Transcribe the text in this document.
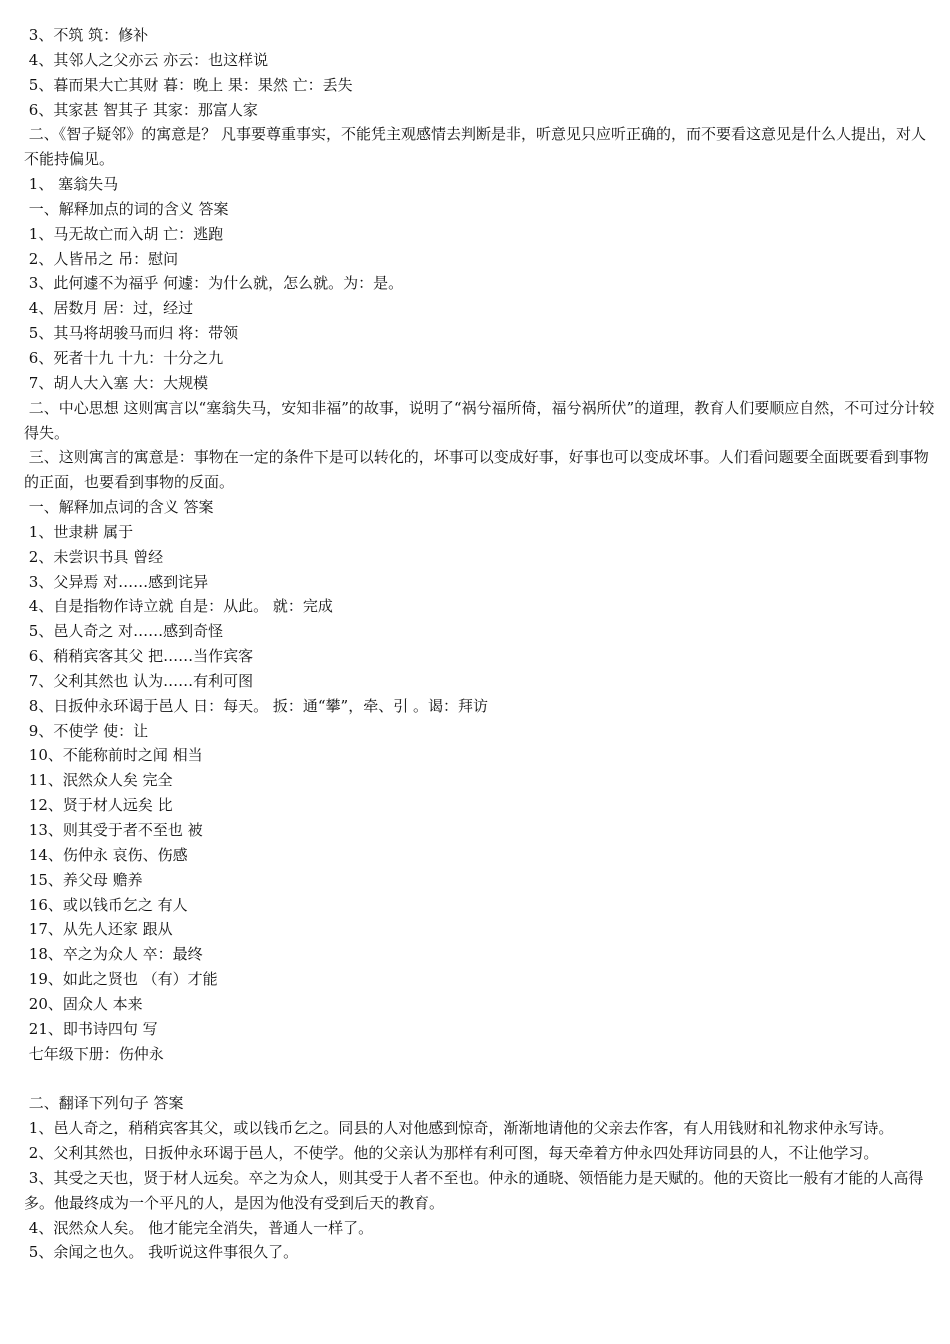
3、不筑 筑：修补
4、其邻人之父亦云 亦云：也这样说
5、暮而果大亡其财 暮：晚上 果：果然 亡：丢失
6、其家甚 智其子 其家：那富人家
二、《智子疑邻》的寓意是？ 凡事要尊重事实，不能凭主观感情去判断是非，听意见只应听正确的，而不要看这意见是什么人提出，对人不能持偏见。
1、 塞翁失马
一、解释加点的词的含义 答案
1、马无故亡而入胡 亡：逃跑
2、人皆吊之 吊：慰问
3、此何遽不为福乎 何遽：为什么就，怎么就。为：是。
4、居数月 居：过，经过
5、其马将胡骏马而归 将：带领
6、死者十九 十九：十分之九
7、胡人大入塞 大：大规模
二、中心思想 这则寓言以“塞翁失马，安知非福”的故事，说明了“祸兮福所倚，福兮祸所伏”的道理，教育人们要顺应自然，不可过分计较得失。
三、这则寓言的寓意是：事物在一定的条件下是可以转化的，坏事可以变成好事，好事也可以变成坏事。人们看问题要全面既要看到事物的正面，也要看到事物的反面。
一、解释加点词的含义 答案
1、世隶耕 属于
2、未尝识书具 曾经
3、父异焉 对……感到诧异
4、自是指物作诗立就 自是：从此。 就：完成
5、邑人奇之 对……感到奇怪
6、稍稍宾客其父 把……当作宾客
7、父利其然也 认为……有利可图
8、日扳仲永环谒于邑人 日：每天。 扳：通“攀”，牵、引 。谒：拜访
9、不使学 使：让
10、不能称前时之闻 相当
11、泯然众人矣 完全
12、贤于材人远矣 比
13、则其受于者不至也 被
14、伤仲永 哀伤、伤感
15、养父母 赡养
16、或以钱币乞之 有人
17、从先人还家 跟从
18、卒之为众人 卒：最终
19、如此之贤也 （有）才能
20、固众人 本来
21、即书诗四句 写
七年级下册：伤仲永
二、翻译下列句子 答案
1、邑人奇之，稍稍宾客其父，或以钱币乞之。同县的人对他感到惊奇，渐渐地请他的父亲去作客，有人用钱财和礼物求仲永写诗。
2、父利其然也，日扳仲永环谒于邑人，不使学。他的父亲认为那样有利可图，每天牵着方仲永四处拜访同县的人，不让他学习。
3、其受之天也，贤于材人远矣。卒之为众人，则其受于人者不至也。仲永的通晓、领悟能力是天赋的。他的天资比一般有才能的人高得多。他最终成为一个平凡的人，是因为他没有受到后天的教育。
4、泯然众人矣。 他才能完全消失，普通人一样了。
5、余闻之也久。 我听说这件事很久了。
